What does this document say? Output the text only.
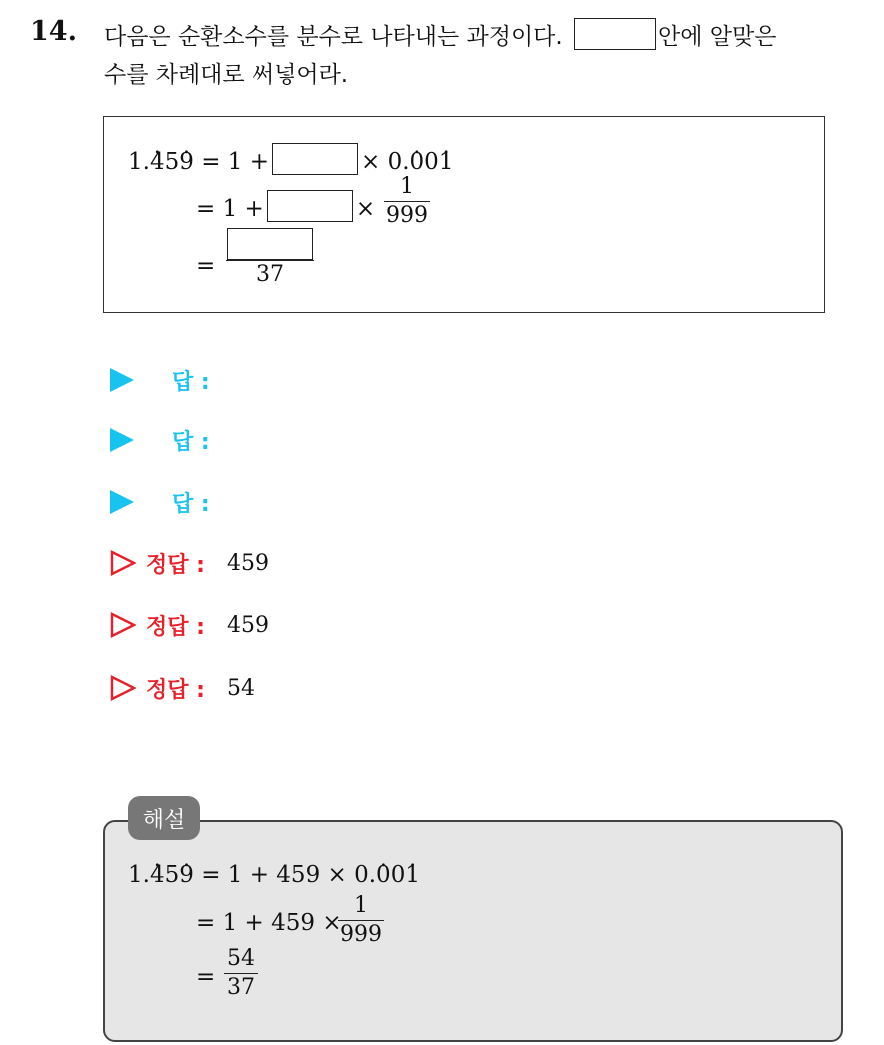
14. 다음은 순환소수를 분수로 나타내는 과정이다.	안에 알맞은
수를 차례대로 써넣어라.
1.. 45. 9 = 1 +	× 0.. 00. 1
= 1 +	×
1
999
=	37
답 :
답 :
답 :
정답 : 459
정답 : 459
정답 : 54
해설
1.. 45. 9 = 1 + 459 × 0.. 00. 1
= 1 + 459 ×
1
999
=
54
37
